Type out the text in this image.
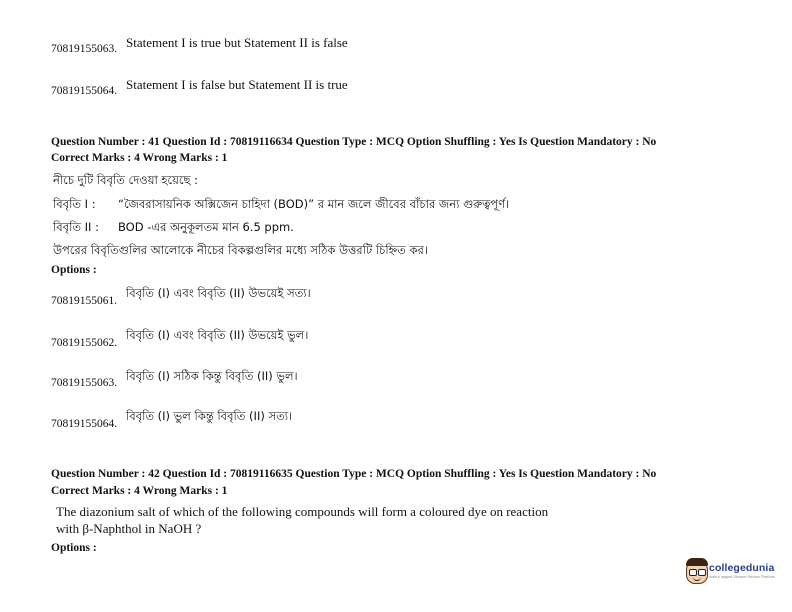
70819155063. Statement I is true but Statement II is false
70819155064. Statement I is false but Statement II is true
Question Number : 41 Question Id : 70819116634 Question Type : MCQ Option Shuffling : Yes Is Question Mandatory : No
Correct Marks : 4 Wrong Marks : 1
নীচে দুটি বিবৃতি দেওয়া হয়েছে :
বিবৃতি I : “জৈবরাসায়নিক অক্সিজেন চাহিদা (BOD)” র মান জলে জীবের বাঁচার জন্য গুরুত্বপূর্ণ।
বিবৃতি II : BOD -এর অনুকূলতম মান 6.5 ppm.
উপরের বিবৃতিগুলির আলোকে নীচের বিকল্পগুলির মধ্যে সঠিক উত্তরটি চিহ্নিত কর।
Options :
70819155061.
বিবৃতি (I) এবং বিবৃতি (II) উভয়েই সত্য।
70819155062.
বিবৃতি (I) এবং বিবৃতি (II) উভয়েই ভুল।
70819155063. বিবৃতি (I) সঠিক কিন্তু বিবৃতি (II) ভুল।
70819155064.
বিবৃতি (I) ভুল কিন্তু বিবৃতি (II) সত্য।
Question Number : 42 Question Id : 70819116635 Question Type : MCQ Option Shuffling : Yes Is Question Mandatory : No
Correct Marks : 4 Wrong Marks : 1
The diazonium salt of which of the following compounds will form a coloured dye on reaction
with β-Naphthol in NaOH ?
Options :
collegedunia
India's largest Student Review Platform
